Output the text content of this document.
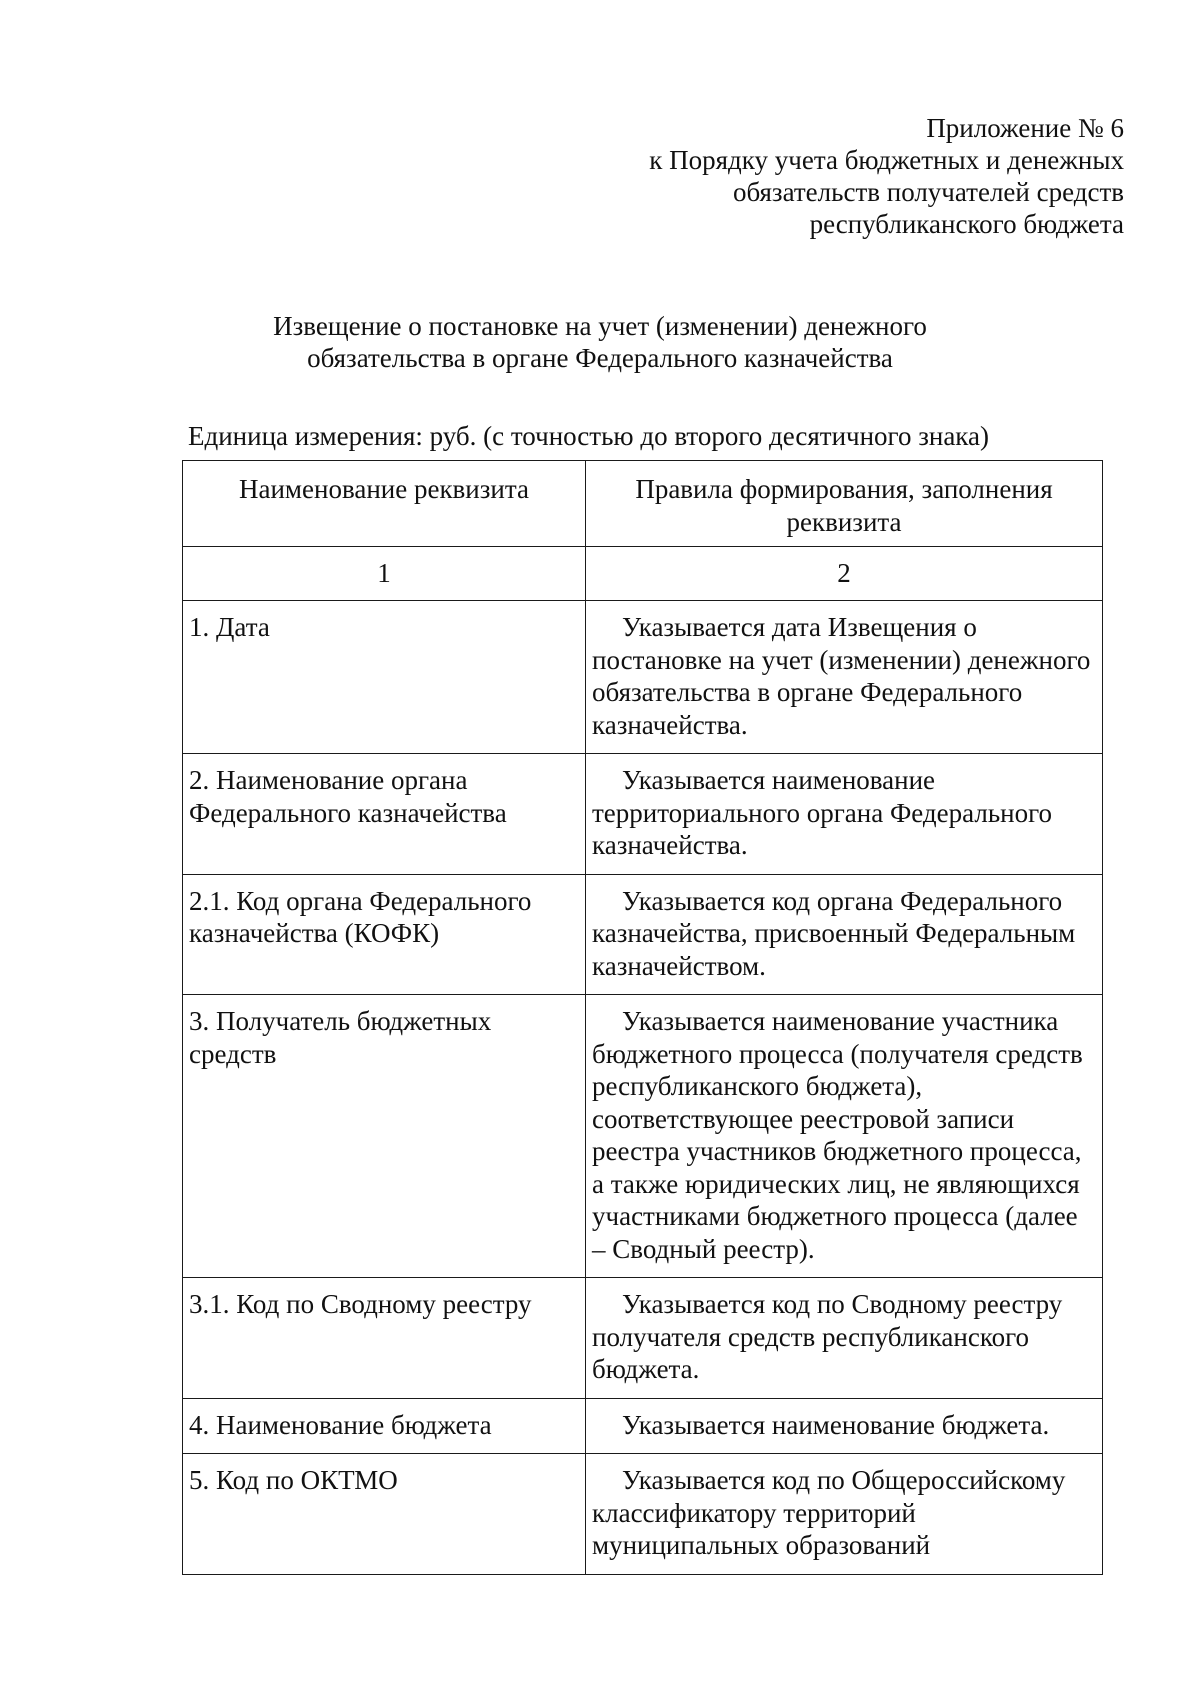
Приложение № 6
к Порядку учета бюджетных и денежных
обязательств получателей средств
республиканского бюджета
Извещение о постановке на учет (изменении) денежного
обязательства в органе Федерального казначейства
Единица измерения: руб. (с точностью до второго десятичного знака)
Наименование реквизита	Правила формирования, заполнения реквизита
1	2
1. Дата	Указывается дата Извещения о постановке на учет (изменении) денежного обязательства в органе Федерального казначейства.

2. Наименование органа Федерального казначейства	Указывается наименование территориального органа Федерального казначейства.

2.1. Код органа Федерального казначейства (КОФК)	Указывается код органа Федерального казначейства, присвоенный Федеральным казначейством.

3. Получатель бюджетных средств	Указывается наименование участника бюджетного процесса (получателя средств республиканского бюджета), соответствующее реестровой записи реестра участников бюджетного процесса, а также юридических лиц, не являющихся участниками бюджетного процесса (далее – Сводный реестр).

3.1. Код по Сводному реестру	Указывается код по Сводному реестру получателя средств республиканского бюджета.

4. Наименование бюджета	Указывается наименование бюджета.

5. Код по ОКТМО	Указывается код по Общероссийскому классификатору территорий муниципальных образований
